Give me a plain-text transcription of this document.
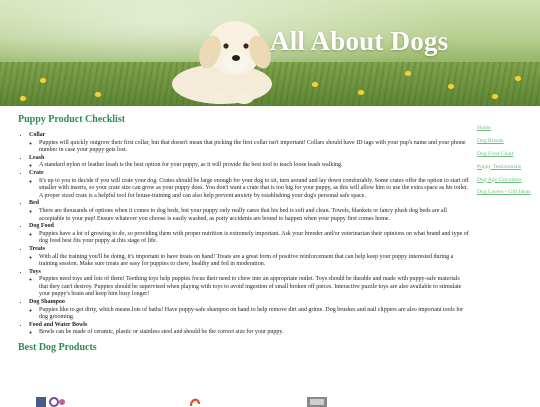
All About Dogs
Puppy Product Checklist
• Collar
◦ Puppies will quickly outgrow their first collar, but that doesn't mean that picking the first collar isn't important! Collars should have ID tags with your pup's name and your phone number in case your puppy gets lost.
• Leash
◦ A standard nylon or leather leash is the best option for your puppy, as it will provide the best tool to teach loose leash walking.
• Crate
◦ It's up to you to decide if you will crate your dog. Crates should be large enough for your dog to sit, turn around and lay down comfortably. Some crates offer the option to start off smaller with inserts, so your crate size can grow as your puppy does. You don't want a crate that is too big for your puppy, as this will allow him to use the extra space as his toilet. A proper sized crate is a helpful tool for house-training and can also help prevent anxiety by establishing your dog's personal safe space.
• Bed
◦ There are thousands of options when it comes to dog beds, but your puppy only really cares that his bed is soft and clean. Towels, blankets or fancy plush dog beds are all acceptable to your pup! Ensure whatever you choose is easily washed, as potty accidents are bound to happen when your puppy first comes home.
• Dog Food
◦ Puppies have a lot of growing to do, so providing them with proper nutrition is extremely important. Ask your breeder and/or veterinarian their opinions on what brand and type of dog food best fits your puppy at this stage of life.
• Treats
◦ With all the training you'll be doing, it's important to have treats on hand! Treats are a great form of positive reinforcement that can help keep your puppy interested during a training session. Make sure treats are easy for puppies to chew, healthy and fed in moderation.
• Toys
◦ Puppies need toys and lots of them! Teething toys help puppies focus their need to chew into an appropriate outlet. Toys should be durable and made with puppy-safe materials that they can't destroy. Puppies should be supervised when playing with toys to avoid ingestion of small broken off pieces. Interactive puzzle toys are also available to stimulate your puppy's brain and keep him busy longer!
• Dog Shampoo
◦ Puppies like to get dirty, which means lots of baths! Have puppy-safe shampoo on hand to help remove dirt and grime. Dog brushes and nail clippers are also important tools for dog grooming.
• Food and Water Bowls
◦ Bowls can be made of ceramic, plastic or stainless steel and should be the correct size for your puppy.
Best Dog Products
Home
Dog Breeds
Dog Food Chart
Puppy Testimonials
Dog Age Calculator
Dog Lovers - Gift Ideas
